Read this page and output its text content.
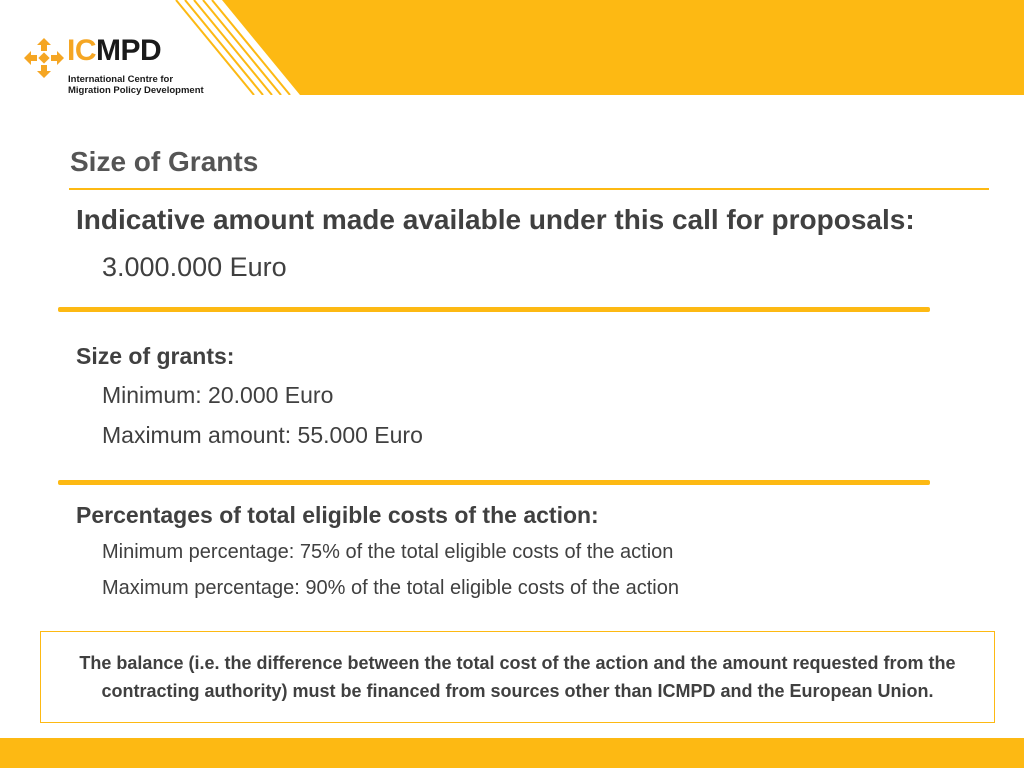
ICMPD
International Centre for
Migration Policy Development
Size of Grants

Indicative amount made available under this call for proposals:

3.000.000 Euro

Size of grants:

Minimum: 20.000 Euro

Maximum amount: 55.000 Euro

Percentages of total eligible costs of the action:

Minimum percentage: 75% of the total eligible costs of the action

Maximum percentage: 90% of the total eligible costs of the action

The balance (i.e. the difference between the total cost of the action and the amount requested from the contracting authority) must be financed from sources other than ICMPD and the European Union.
